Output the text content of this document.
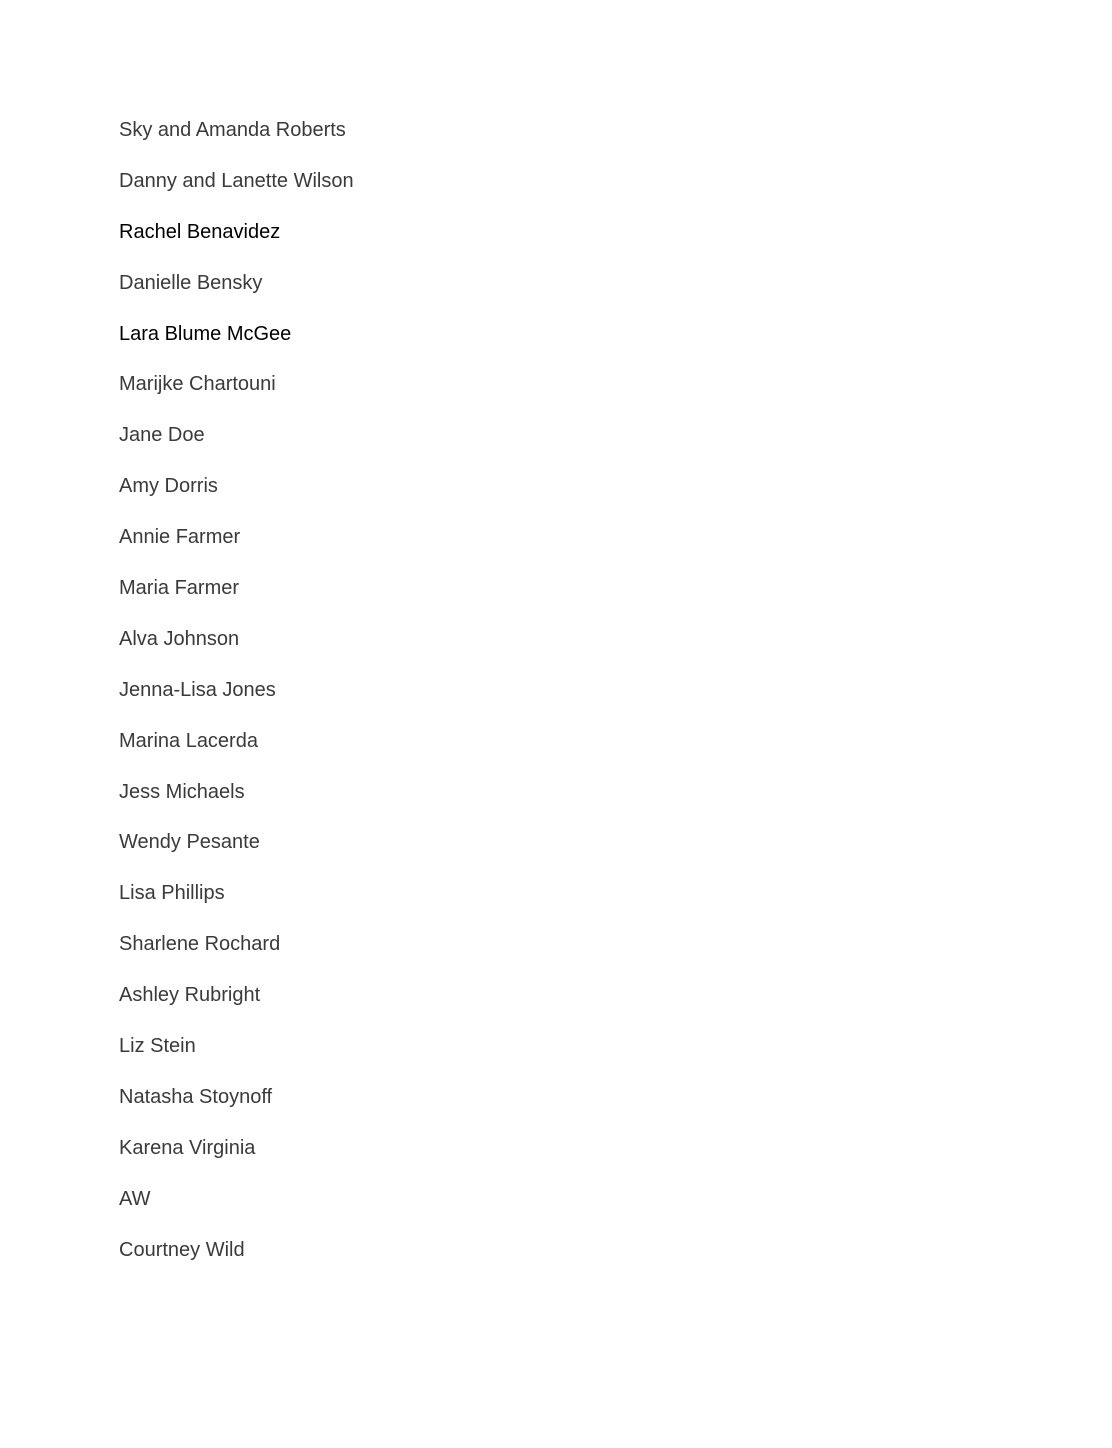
Sky and Amanda Roberts
Danny and Lanette Wilson
Rachel Benavidez
Danielle Bensky
Lara Blume McGee
Marijke Chartouni
Jane Doe
Amy Dorris
Annie Farmer
Maria Farmer
Alva Johnson
Jenna-Lisa Jones
Marina Lacerda
Jess Michaels
Wendy Pesante
Lisa Phillips
Sharlene Rochard
Ashley Rubright
Liz Stein
Natasha Stoynoff
Karena Virginia
AW
Courtney Wild
